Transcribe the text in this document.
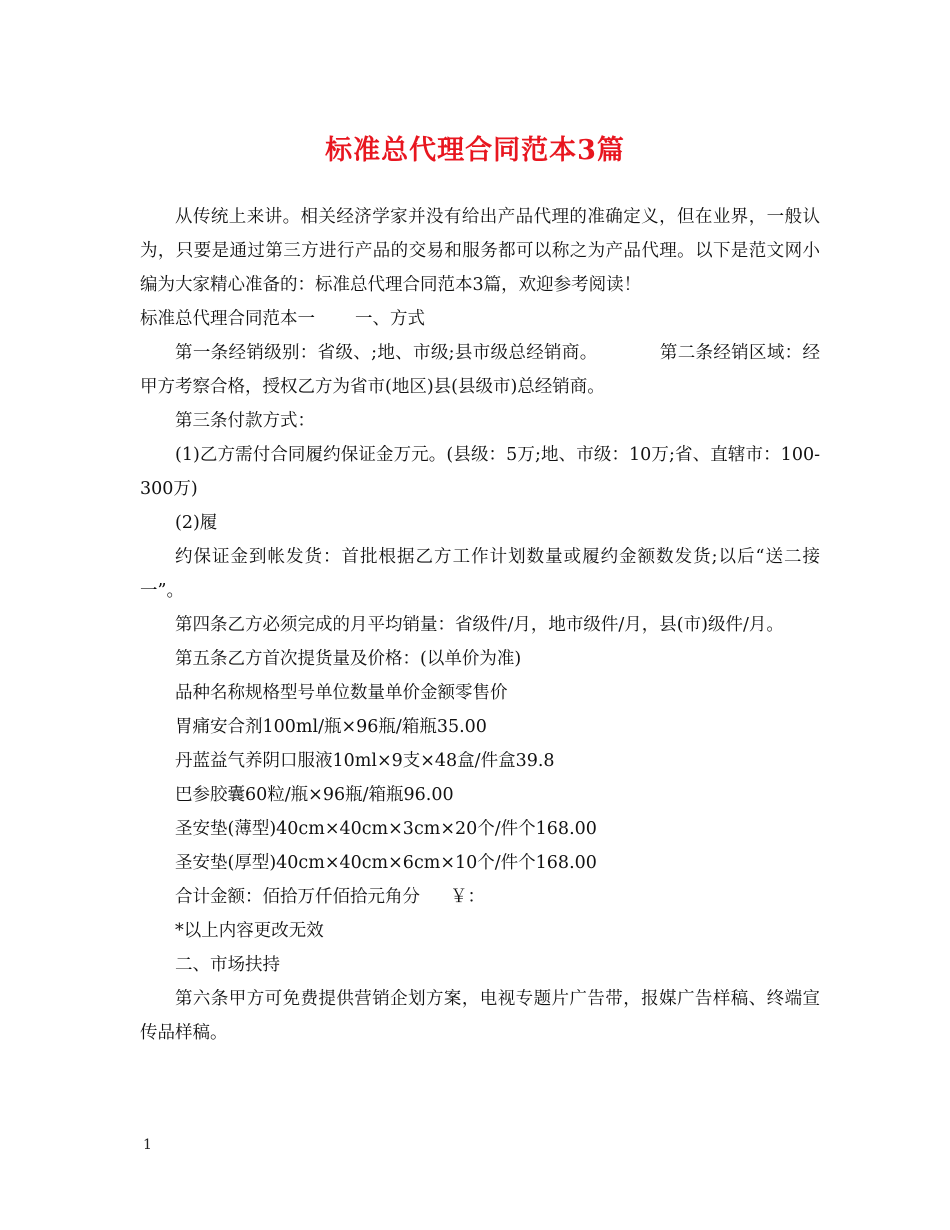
标准总代理合同范本3篇

从传统上来讲。相关经济学家并没有给出产品代理的准确定义，但在业界，一般认为，只要是通过第三方进行产品的交易和服务都可以称之为产品代理。以下是范文网小编为大家精心准备的：标准总代理合同范本3篇，欢迎参考阅读！

标准总代理合同范本一 一、方式

第一条经销级别：省级、;地、市级;县市级总经销商。	第二条经销区域：经甲方考察合格，授权乙方为省市(地区)县(县级市)总经销商。

第三条付款方式：

(1)乙方需付合同履约保证金万元。(县级：5万;地、市级：10万;省、直辖市：100-300万)

(2)履

约保证金到帐发货：首批根据乙方工作计划数量或履约金额数发货;以后“送二接一”。

第四条乙方必须完成的月平均销量：省级件/月，地市级件/月，县(市)级件/月。

第五条乙方首次提货量及价格：(以单价为准)

品种名称规格型号单位数量单价金额零售价

胃痛安合剂100ml/瓶×96瓶/箱瓶35.00

丹蓝益气养阴口服液10ml×9支×48盒/件盒39.8

巴参胶囊60粒/瓶×96瓶/箱瓶96.00

圣安垫(薄型)40cm×40cm×3cm×20个/件个168.00

圣安垫(厚型)40cm×40cm×6cm×10个/件个168.00

合计金额：佰拾万仟佰拾元角分 ￥：

*以上内容更改无效

二、市场扶持

第六条甲方可免费提供营销企划方案，电视专题片广告带，报媒广告样稿、终端宣传品样稿。

1
